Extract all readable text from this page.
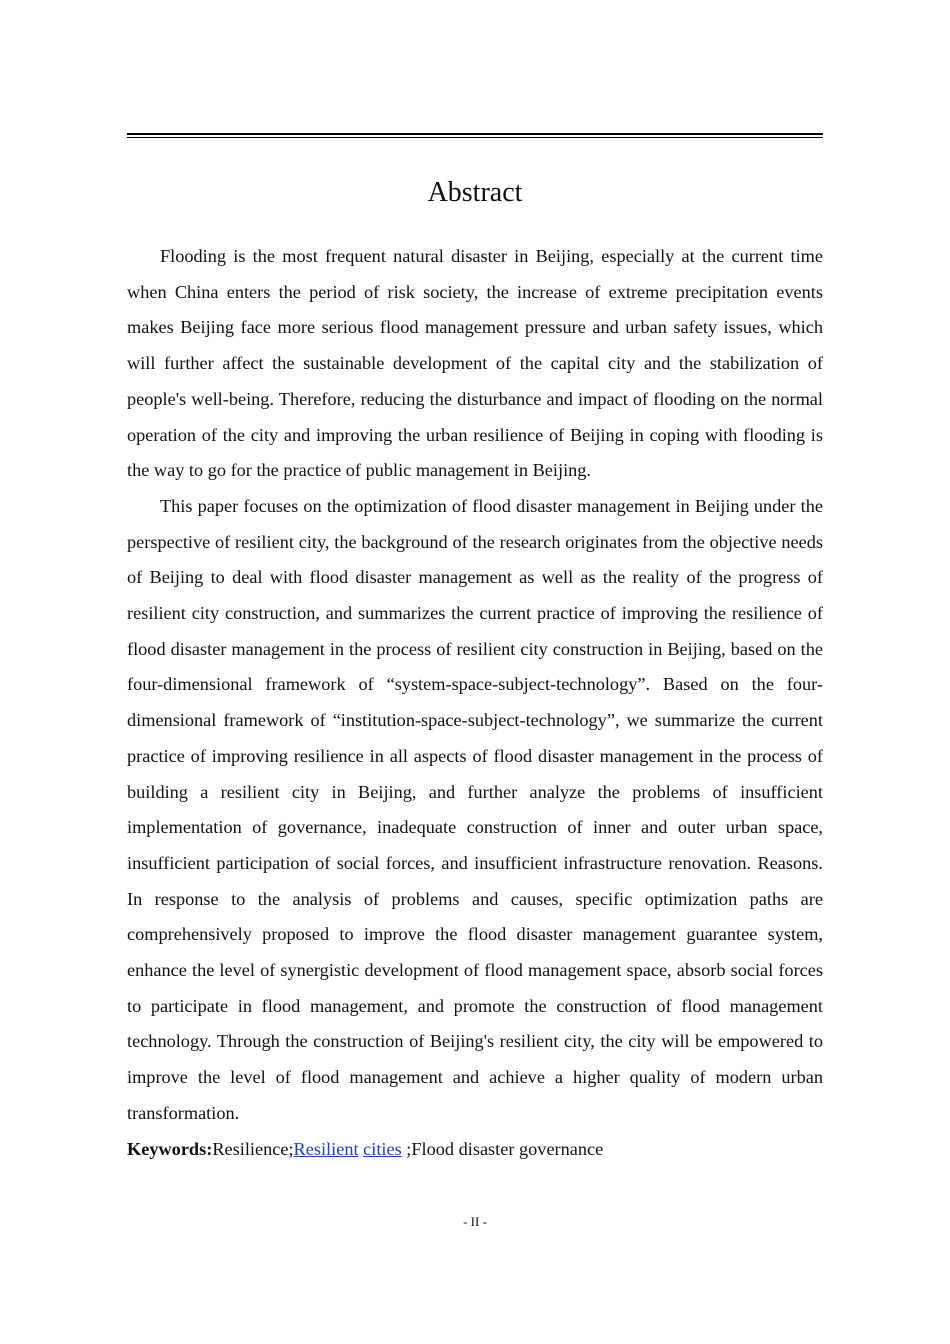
Abstract

Flooding is the most frequent natural disaster in Beijing, especially at the current time when China enters the period of risk society, the increase of extreme precipitation events makes Beijing face more serious flood management pressure and urban safety issues, which will further affect the sustainable development of the capital city and the stabilization of people's well-being. Therefore, reducing the disturbance and impact of flooding on the normal operation of the city and improving the urban resilience of Beijing in coping with flooding is the way to go for the practice of public management in Beijing.

This paper focuses on the optimization of flood disaster management in Beijing under the perspective of resilient city, the background of the research originates from the objective needs of Beijing to deal with flood disaster management as well as the reality of the progress of resilient city construction, and summarizes the current practice of improving the resilience of flood disaster management in the process of resilient city construction in Beijing, based on the four-dimensional framework of “system-space-subject-technology”. Based on the four-dimensional framework of “institution-space-subject-technology”, we summarize the current practice of improving resilience in all aspects of flood disaster management in the process of building a resilient city in Beijing, and further analyze the problems of insufficient implementation of governance, inadequate construction of inner and outer urban space, insufficient participation of social forces, and insufficient infrastructure renovation. Reasons. In response to the analysis of problems and causes, specific optimization paths are comprehensively proposed to improve the flood disaster management guarantee system, enhance the level of synergistic development of flood management space, absorb social forces to participate in flood management, and promote the construction of flood management technology. Through the construction of Beijing's resilient city, the city will be empowered to improve the level of flood management and achieve a higher quality of modern urban transformation.

Keywords:Resilience;Resilient cities ;Flood disaster governance

- II -
